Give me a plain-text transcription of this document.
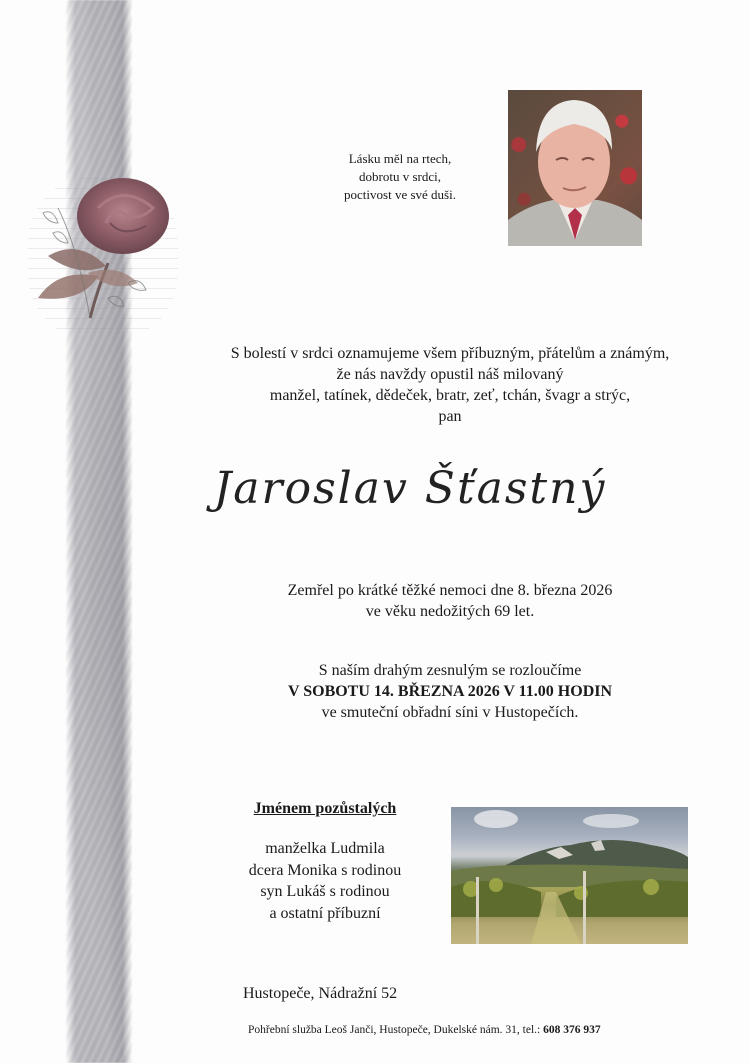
Lásku měl na rtech,
dobrotu v srdci,
poctivost ve své duši.
S bolestí v srdci oznamujeme všem příbuzným, přátelům a známým,
že nás navždy opustil náš milovaný
manžel, tatínek, dědeček, bratr, zeť, tchán, švagr a strýc,
pan
Jaroslav Šťastný
Zemřel po krátké těžké nemoci dne 8. března 2026
ve věku nedožitých 69 let.
S naším drahým zesnulým se rozloučíme
V SOBOTU 14. BŘEZNA 2026 V 11.00 HODIN
ve smuteční obřadní síni v Hustopečích.
Jménem pozůstalých
manželka Ludmila
dcera Monika s rodinou
syn Lukáš s rodinou
a ostatní příbuzní
Hustopeče, Nádražní 52
Pohřební služba Leoš Janči, Hustopeče, Dukelské nám. 31, tel.: 608 376 937
